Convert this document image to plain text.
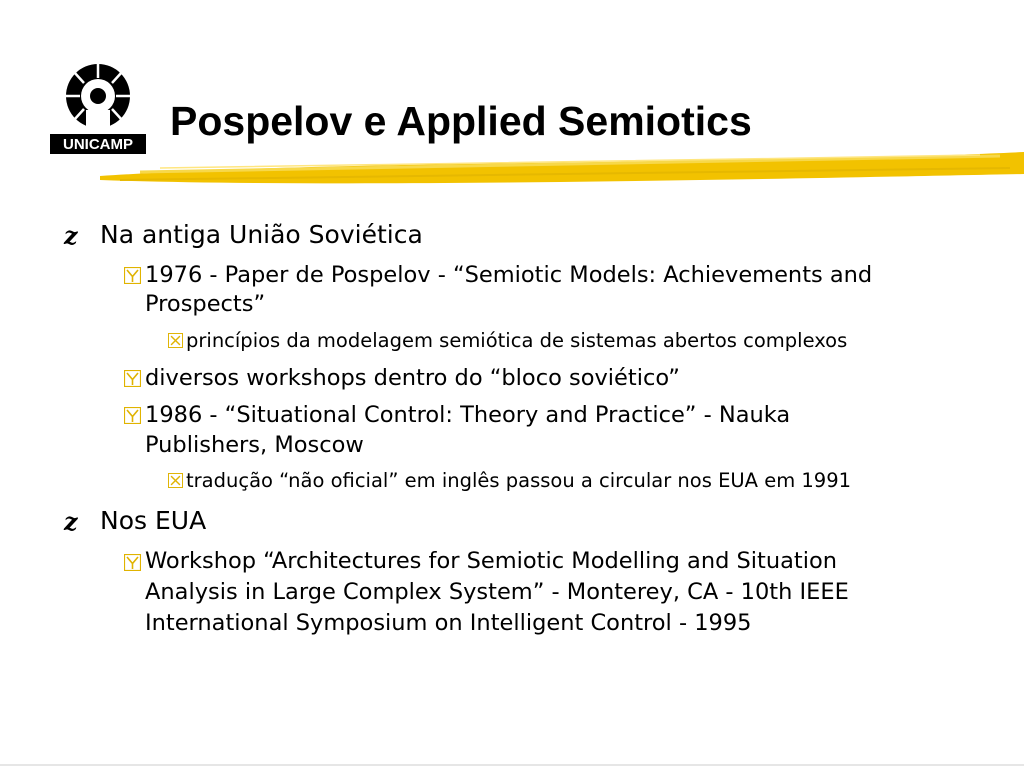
UNICAMP
Pospelov e Applied Semiotics
z Na antiga União Soviética
1976 - Paper de Pospelov - “Semiotic Models: Achievements and
Prospects”
princípios da modelagem semiótica de sistemas abertos complexos
diversos workshops dentro do “bloco soviético”
1986 - “Situational Control: Theory and Practice” - Nauka
Publishers, Moscow
tradução “não oficial” em inglês passou a circular nos EUA em 1991
z Nos EUA
Workshop “Architectures for Semiotic Modelling and Situation
Analysis in Large Complex System” - Monterey, CA - 10th IEEE
International Symposium on Intelligent Control - 1995
